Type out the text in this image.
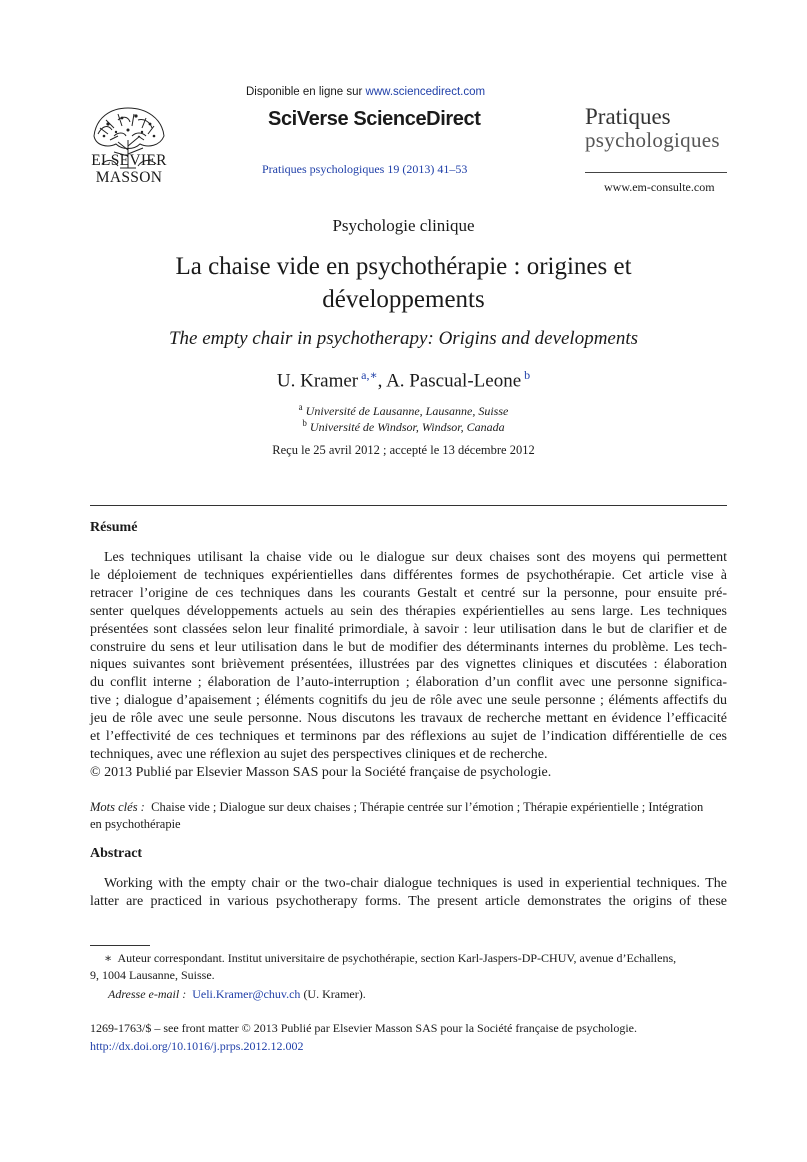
ELSEVIER
MASSON
Disponible en ligne sur www.sciencedirect.com
SciVerse ScienceDirect
Pratiques psychologiques 19 (2013) 41–53
Pratiques
psychologiques
www.em-consulte.com
Psychologie clinique
La chaise vide en psychothérapie : origines et
développements
The empty chair in psychotherapy: Origins and developments
U. Kramer $^{a,∗}$, A. Pascual-Leone $^b$
$^a$ Université de Lausanne, Lausanne, Suisse
$^b$ Université de Windsor, Windsor, Canada
Reçu le 25 avril 2012 ; accepté le 13 décembre 2012
Résumé
Les techniques utilisant la chaise vide ou le dialogue sur deux chaises sont des moyens qui permettent
le déploiement de techniques expérientielles dans différentes formes de psychothérapie. Cet article vise à
retracer l’origine de ces techniques dans les courants Gestalt et centré sur la personne, pour ensuite pré-
senter quelques développements actuels au sein des thérapies expérientielles au sens large. Les techniques
présentées sont classées selon leur finalité primordiale, à savoir : leur utilisation dans le but de clarifier et de
construire du sens et leur utilisation dans le but de modifier des déterminants internes du problème. Les tech-
niques suivantes sont brièvement présentées, illustrées par des vignettes cliniques et discutées : élaboration
du conflit interne ; élaboration de l’auto-interruption ; élaboration d’un conflit avec une personne significa-
tive ; dialogue d’apaisement ; éléments cognitifs du jeu de rôle avec une seule personne ; éléments affectifs du
jeu de rôle avec une seule personne. Nous discutons les travaux de recherche mettant en évidence l’efficacité
et l’effectivité de ces techniques et terminons par des réflexions au sujet de l’indication différentielle de ces
techniques, avec une réflexion au sujet des perspectives cliniques et de recherche.
© 2013 Publié par Elsevier Masson SAS pour la Société française de psychologie.
Mots clés : Chaise vide ; Dialogue sur deux chaises ; Thérapie centrée sur l’émotion ; Thérapie expérientielle ; Intégration
en psychothérapie
Abstract
Working with the empty chair or the two-chair dialogue techniques is used in experiential techniques. The
latter are practiced in various psychotherapy forms. The present article demonstrates the origins of these
∗ Auteur correspondant. Institut universitaire de psychothérapie, section Karl-Jaspers-DP-CHUV, avenue d’Echallens,
9, 1004 Lausanne, Suisse.
Adresse e-mail : Ueli.Kramer@chuv.ch (U. Kramer).
1269-1763/$ – see front matter © 2013 Publié par Elsevier Masson SAS pour la Société française de psychologie.
http://dx.doi.org/10.1016/j.prps.2012.12.002
